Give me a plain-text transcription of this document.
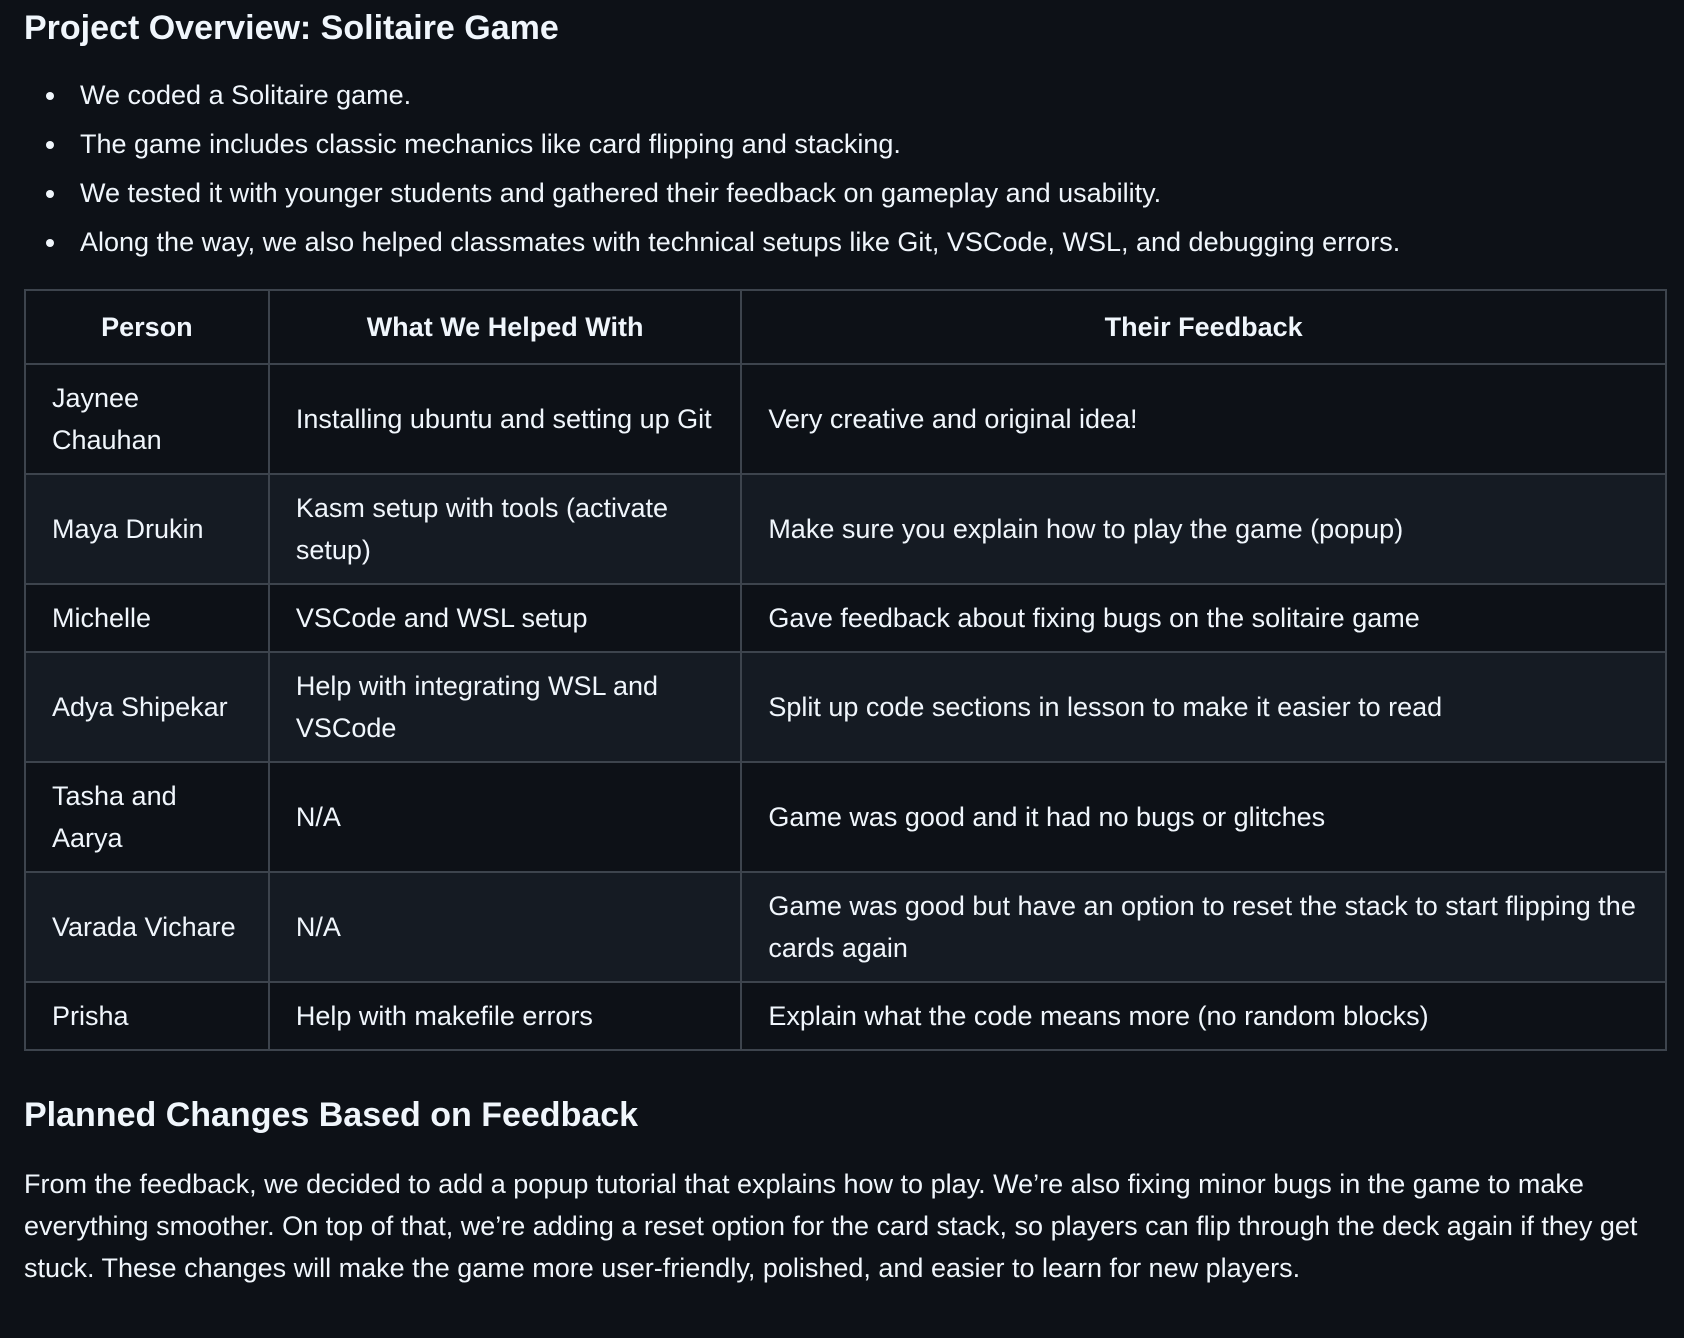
Project Overview: Solitaire Game
We coded a Solitaire game.
The game includes classic mechanics like card flipping and stacking.
We tested it with younger students and gathered their feedback on gameplay and usability.
Along the way, we also helped classmates with technical setups like Git, VSCode, WSL, and debugging errors.
Person	What We Helped With	Their Feedback
Jaynee Chauhan	Installing ubuntu and setting up Git	Very creative and original idea!
Maya Drukin	Kasm setup with tools (activate setup)	Make sure you explain how to play the game (popup)
Michelle	VSCode and WSL setup	Gave feedback about fixing bugs on the solitaire game
Adya Shipekar	Help with integrating WSL and VSCode	Split up code sections in lesson to make it easier to read
Tasha and Aarya	N/A	Game was good and it had no bugs or glitches
Varada Vichare	N/A	Game was good but have an option to reset the stack to start flipping the cards again
Prisha	Help with makefile errors	Explain what the code means more (no random blocks)
Planned Changes Based on Feedback

From the feedback, we decided to add a popup tutorial that explains how to play. We’re also fixing minor bugs in the game to make everything smoother. On top of that, we’re adding a reset option for the card stack, so players can flip through the deck again if they get stuck. These changes will make the game more user-friendly, polished, and easier to learn for new players.
